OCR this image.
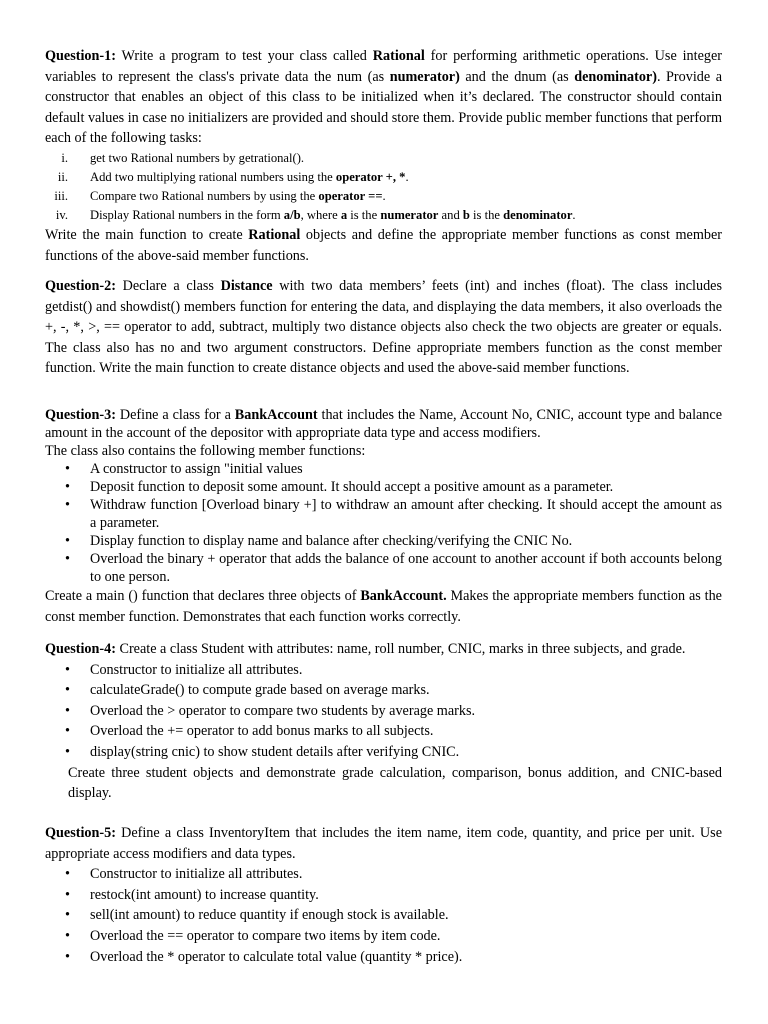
Question-1: Write a program to test your class called Rational for performing arithmetic operations. Use integer variables to represent the class's private data the num (as numerator) and the dnum (as denominator). Provide a constructor that enables an object of this class to be initialized when it’s declared. The constructor should contain default values in case no initializers are provided and should store them. Provide public member functions that perform each of the following tasks:

i. get two Rational numbers by getrational().
ii. Add two multiplying rational numbers using the operator +, *.
iii. Compare two Rational numbers by using the operator ==.
iv. Display Rational numbers in the form a/b, where a is the numerator and b is the denominator.

Write the main function to create Rational objects and define the appropriate member functions as const member functions of the above-said member functions.

Question-2: Declare a class Distance with two data members’ feets (int) and inches (float). The class includes getdist() and showdist() members function for entering the data, and displaying the data members, it also overloads the +, -, *, >, == operator to add, subtract, multiply two distance objects also check the two objects are greater or equals. The class also has no and two argument constructors. Define appropriate members function as the const member function. Write the main function to create distance objects and used the above-said member functions.

Question-3: Define a class for a BankAccount that includes the Name, Account No, CNIC, account type and balance amount in the account of the depositor with appropriate data type and access modifiers.

The class also contains the following member functions:

• A constructor to assign "initial values
• Deposit function to deposit some amount. It should accept a positive amount as a parameter.
• Withdraw function [Overload binary +] to withdraw an amount after checking. It should accept the amount as a parameter.
• Display function to display name and balance after checking/verifying the CNIC No.
• Overload the binary + operator that adds the balance of one account to another account if both accounts belong to one person.

Create a main () function that declares three objects of BankAccount. Makes the appropriate members function as the const member function. Demonstrates that each function works correctly.

Question-4: Create a class Student with attributes: name, roll number, CNIC, marks in three subjects, and grade.

• Constructor to initialize all attributes.
• calculateGrade() to compute grade based on average marks.
• Overload the > operator to compare two students by average marks.
• Overload the += operator to add bonus marks to all subjects.
• display(string cnic) to show student details after verifying CNIC.

Create three student objects and demonstrate grade calculation, comparison, bonus addition, and CNIC-based display.

Question-5: Define a class InventoryItem that includes the item name, item code, quantity, and price per unit. Use appropriate access modifiers and data types.

• Constructor to initialize all attributes.
• restock(int amount) to increase quantity.
• sell(int amount) to reduce quantity if enough stock is available.
• Overload the == operator to compare two items by item code.
• Overload the * operator to calculate total value (quantity * price).
